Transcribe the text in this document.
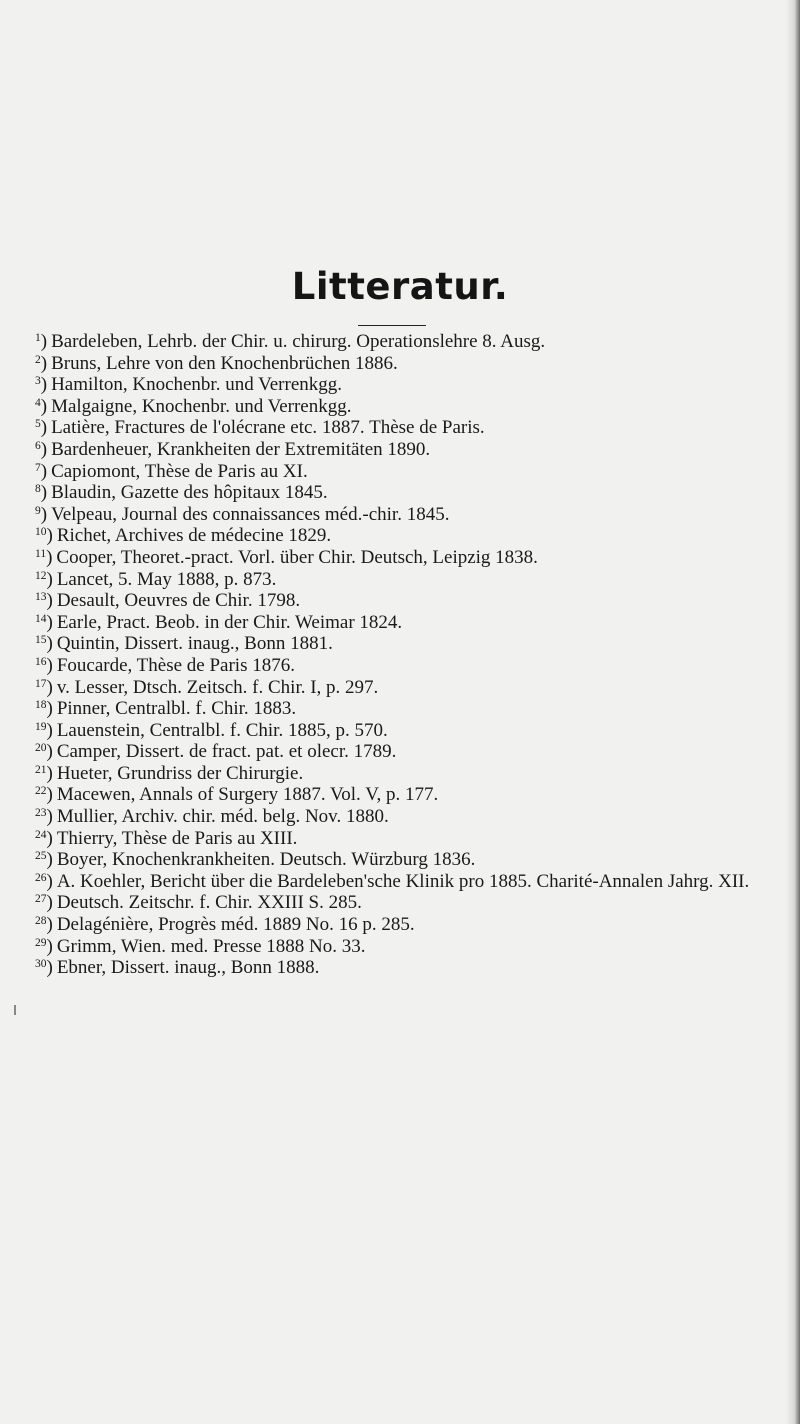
Litteratur.
$^1$) Bardeleben, Lehrb. der Chir. u. chirurg. Operationslehre 8. Ausg.
$^2$) Bruns, Lehre von den Knochenbrüchen 1886.
$^3$) Hamilton, Knochenbr. und Verrenkgg.
$^4$) Malgaigne, Knochenbr. und Verrenkgg.
$^5$) Latière, Fractures de l'olécrane etc. 1887. Thèse de Paris.
$^6$) Bardenheuer, Krankheiten der Extremitäten 1890.
$^7$) Capiomont, Thèse de Paris au XI.
$^8$) Blaudin, Gazette des hôpitaux 1845.
$^9$) Velpeau, Journal des connaissances méd.-chir. 1845.
$^{10}$) Richet, Archives de médecine 1829.
$^{11}$) Cooper, Theoret.-pract. Vorl. über Chir. Deutsch, Leipzig 1838.
$^{12}$) Lancet, 5. May 1888, p. 873.
$^{13}$) Desault, Oeuvres de Chir. 1798.
$^{14}$) Earle, Pract. Beob. in der Chir. Weimar 1824.
$^{15}$) Quintin, Dissert. inaug., Bonn 1881.
$^{16}$) Foucarde, Thèse de Paris 1876.
$^{17}$) v. Lesser, Dtsch. Zeitsch. f. Chir. I, p. 297.
$^{18}$) Pinner, Centralbl. f. Chir. 1883.
$^{19}$) Lauenstein, Centralbl. f. Chir. 1885, p. 570.
$^{20}$) Camper, Dissert. de fract. pat. et olecr. 1789.
$^{21}$) Hueter, Grundriss der Chirurgie.
$^{22}$) Macewen, Annals of Surgery 1887. Vol. V, p. 177.
$^{23}$) Mullier, Archiv. chir. méd. belg. Nov. 1880.
$^{24}$) Thierry, Thèse de Paris au XIII.
$^{25}$) Boyer, Knochenkrankheiten. Deutsch. Würzburg 1836.
$^{26}$) A. Koehler, Bericht über die Bardeleben'sche Klinik pro 1885. Charité-Annalen Jahrg. XII.
$^{27}$) Deutsch. Zeitschr. f. Chir. XXIII S. 285.
$^{28}$) Delagénière, Progrès méd. 1889 No. 16 p. 285.
$^{29}$) Grimm, Wien. med. Presse 1888 No. 33.
$^{30}$) Ebner, Dissert. inaug., Bonn 1888.
